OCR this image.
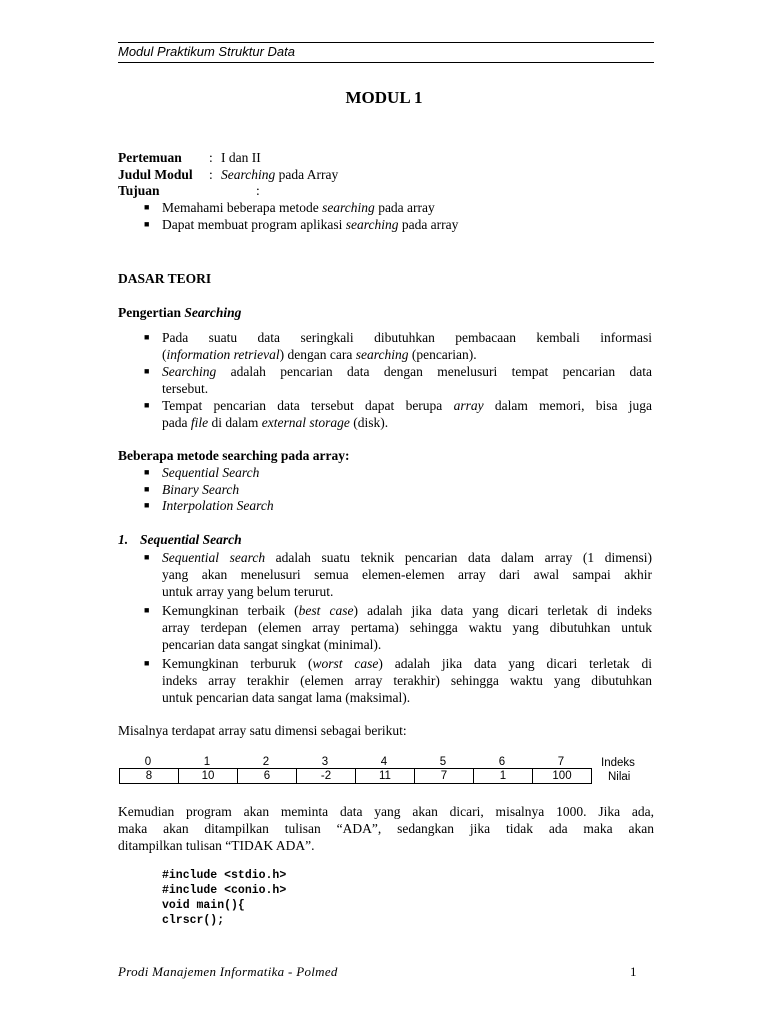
Modul Praktikum Struktur Data
MODUL 1
Pertemuan : I dan II
Judul Modul : Searching pada Array
Tujuan	:
■ Memahami beberapa metode searching pada array
■ Dapat membuat program aplikasi searching pada array
DASAR TEORI
Pengertian Searching
■ Pada suatu data seringkali dibutuhkan pembacaan kembali informasi
(information retrieval) dengan cara searching (pencarian).
■ Searching adalah pencarian data dengan menelusuri tempat pencarian data
tersebut.
■ Tempat pencarian data tersebut dapat berupa array dalam memori, bisa juga
pada file di dalam external storage (disk).
Beberapa metode searching pada array:
■ Sequential Search
■ Binary Search
■ Interpolation Search
1. Sequential Search
■ Sequential search adalah suatu teknik pencarian data dalam array (1 dimensi)
yang akan menelusuri semua elemen-elemen array dari awal sampai akhir
untuk array yang belum terurut.
■ Kemungkinan terbaik (best case) adalah jika data yang dicari terletak di indeks
array terdepan (elemen array pertama) sehingga waktu yang dibutuhkan untuk
pencarian data sangat singkat (minimal).
■ Kemungkinan terburuk (worst case) adalah jika data yang dicari terletak di
indeks array terakhir (elemen array terakhir) sehingga waktu yang dibutuhkan
untuk pencarian data sangat lama (maksimal).
Misalnya terdapat array satu dimensi sebagai berikut:
0	1	2	3	4	5	6	7	Indeks
8	10	6	-2	11	7	1	100	Nilai
Kemudian program akan meminta data yang akan dicari, misalnya 1000. Jika ada,
maka akan ditampilkan tulisan “ADA”, sedangkan jika tidak ada maka akan
ditampilkan tulisan “TIDAK ADA”.
#include <stdio.h>
#include <conio.h>
void main(){
clrscr();
Prodi Manajemen Informatika - Polmed	1
